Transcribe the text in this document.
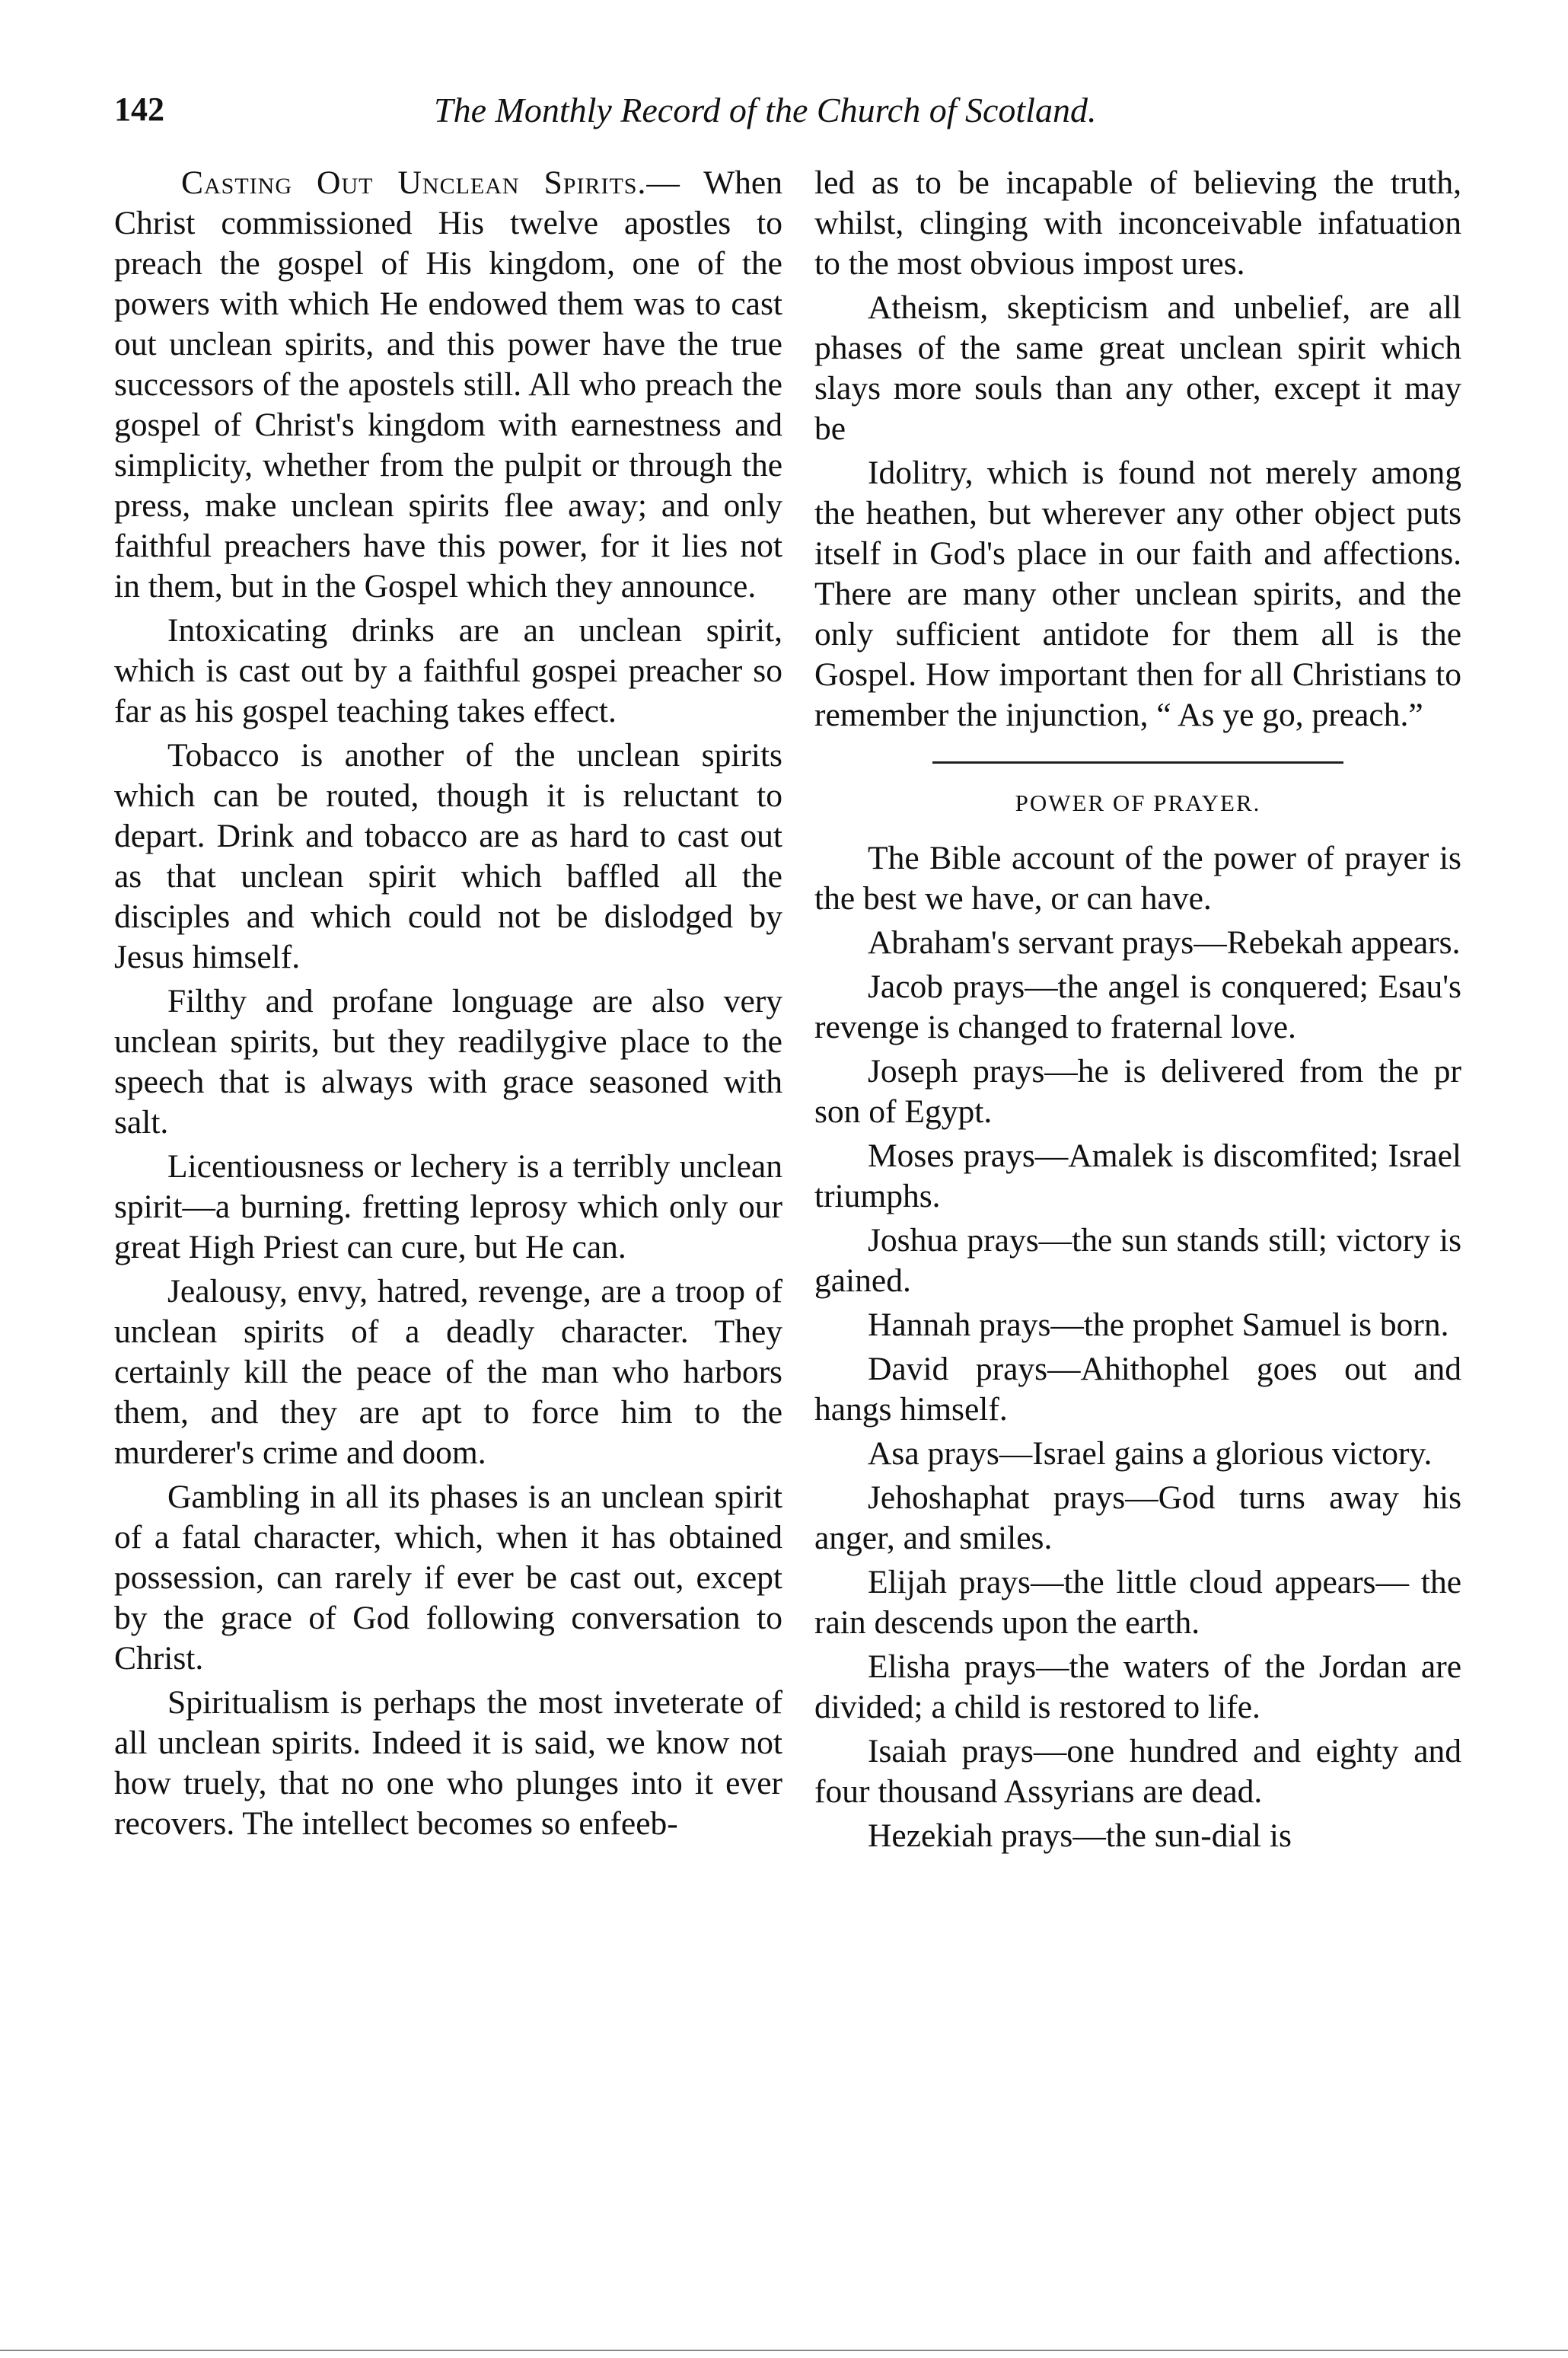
142	The Monthly Record of the Church of Scotland.

Casting Out Unclean Spirits.— When Christ commissioned His twelve apostles to preach the gospel of His kingdom, one of the powers with which He endowed them was to cast out unclean spirits, and this power have the true successors of the apostels still. All who preach the gospel of Christ's kingdom with earnestness and simplicity, whether from the pulpit or through the press, make unclean spirits flee away; and only faithful preachers have this power, for it lies not in them, but in the Gospel which they announce.

Intoxicating drinks are an unclean spirit, which is cast out by a faithful gospei preacher so far as his gospel teaching takes effect.

Tobacco is another of the unclean spirits which can be routed, though it is reluctant to depart. Drink and tobacco are as hard to cast out as that unclean spirit which baffled all the disciples and which could not be dislodged by Jesus himself.

Filthy and profane longuage are also very unclean spirits, but they readilygive place to the speech that is always with grace seasoned with salt.

Licentiousness or lechery is a terribly unclean spirit—a burning. fretting leprosy which only our great High Priest can cure, but He can.

Jealousy, envy, hatred, revenge, are a troop of unclean spirits of a deadly character. They certainly kill the peace of the man who harbors them, and they are apt to force him to the murderer's crime and doom.

Gambling in all its phases is an unclean spirit of a fatal character, which, when it has obtained possession, can rarely if ever be cast out, except by the grace of God following conversation to Christ.

Spiritualism is perhaps the most inveterate of all unclean spirits. Indeed it is said, we know not how truely, that no one who plunges into it ever recovers. The intellect becomes so enfeeb-

led as to be incapable of believing the truth, whilst, clinging with inconceivable infatuation to the most obvious impost ures.

Atheism, skepticism and unbelief, are all phases of the same great unclean spirit which slays more souls than any other, except it may be

Idolitry, which is found not merely among the heathen, but wherever any other object puts itself in God's place in our faith and affections. There are many other unclean spirits, and the only sufficient antidote for them all is the Gospel. How important then for all Christians to remember the injunction, “ As ye go, preach.”

POWER OF PRAYER.

The Bible account of the power of prayer is the best we have, or can have.

Abraham's servant prays—Rebekah appears.

Jacob prays—the angel is conquered; Esau's revenge is changed to fraternal love.

Joseph prays—he is delivered from the pr son of Egypt.

Moses prays—Amalek is discomfited; Israel triumphs.

Joshua prays—the sun stands still; victory is gained.

Hannah prays—the prophet Samuel is born.

David prays—Ahithophel goes out and hangs himself.

Asa prays—Israel gains a glorious victory.

Jehoshaphat prays—God turns away his anger, and smiles.

Elijah prays—the little cloud appears— the rain descends upon the earth.

Elisha prays—the waters of the Jordan are divided; a child is restored to life.

Isaiah prays—one hundred and eighty and four thousand Assyrians are dead.

Hezekiah prays—the sun-dial is
